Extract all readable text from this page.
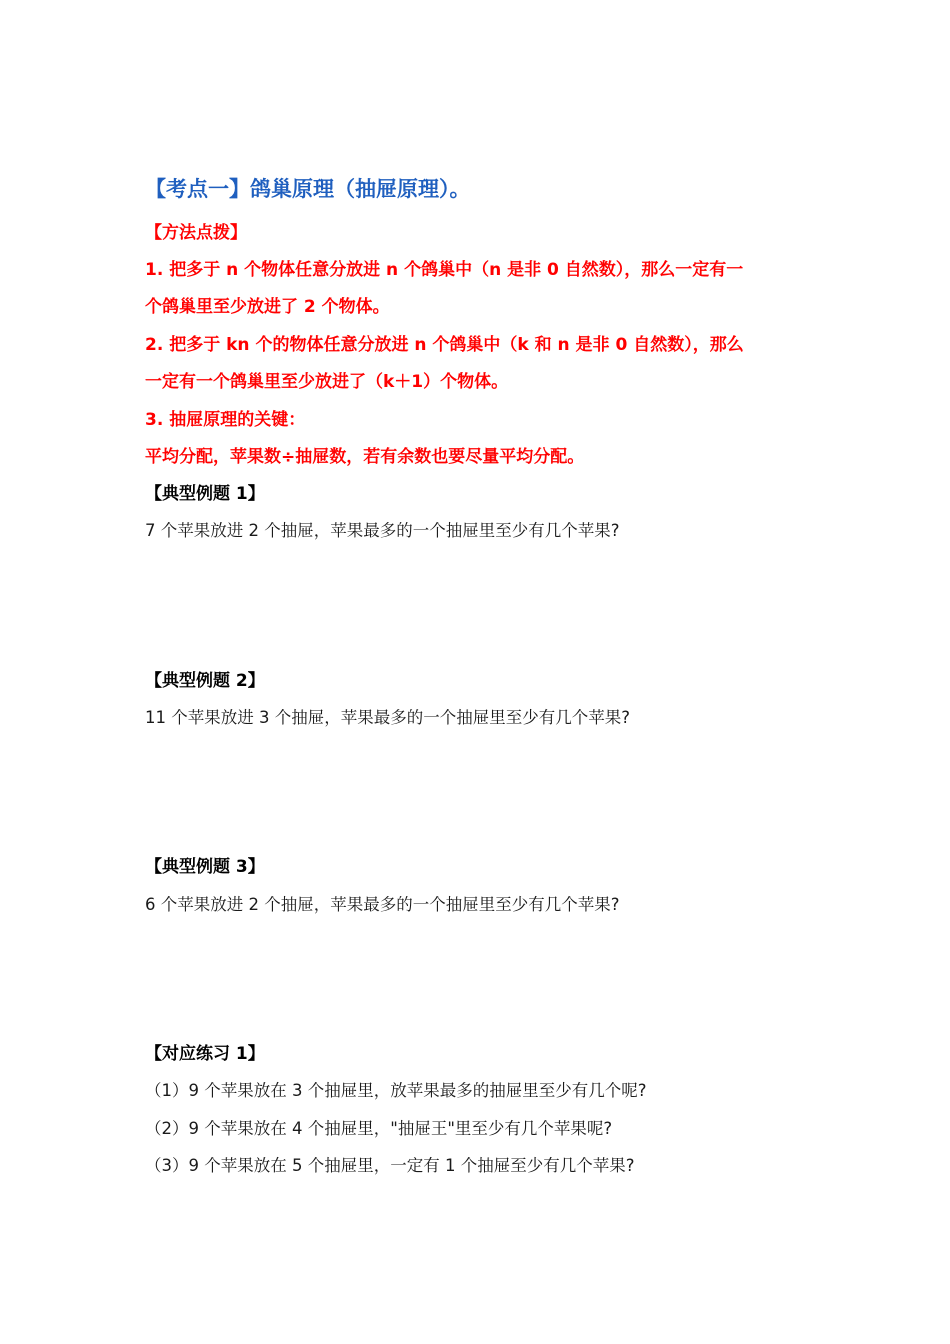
【考点一】鸽巢原理（抽屉原理）。
【方法点拨】
1. 把多于 n 个物体任意分放进 n 个鸽巢中（n 是非 0 自然数），那么一定有一
个鸽巢里至少放进了 2 个物体。
2. 把多于 kn 个的物体任意分放进 n 个鸽巢中（k 和 n 是非 0 自然数），那么
一定有一个鸽巢里至少放进了（k＋1）个物体。
3. 抽屉原理的关键：
平均分配，苹果数÷抽屉数，若有余数也要尽量平均分配。
【典型例题 1】
7 个苹果放进 2 个抽屉，苹果最多的一个抽屉里至少有几个苹果?
【典型例题 2】
11 个苹果放进 3 个抽屉，苹果最多的一个抽屉里至少有几个苹果?
【典型例题 3】
6 个苹果放进 2 个抽屉，苹果最多的一个抽屉里至少有几个苹果?
【对应练习 1】
（1）9 个苹果放在 3 个抽屉里，放苹果最多的抽屉里至少有几个呢?
（2）9 个苹果放在 4 个抽屉里，"抽屉王"里至少有几个苹果呢?
（3）9 个苹果放在 5 个抽屉里，一定有 1 个抽屉至少有几个苹果?
